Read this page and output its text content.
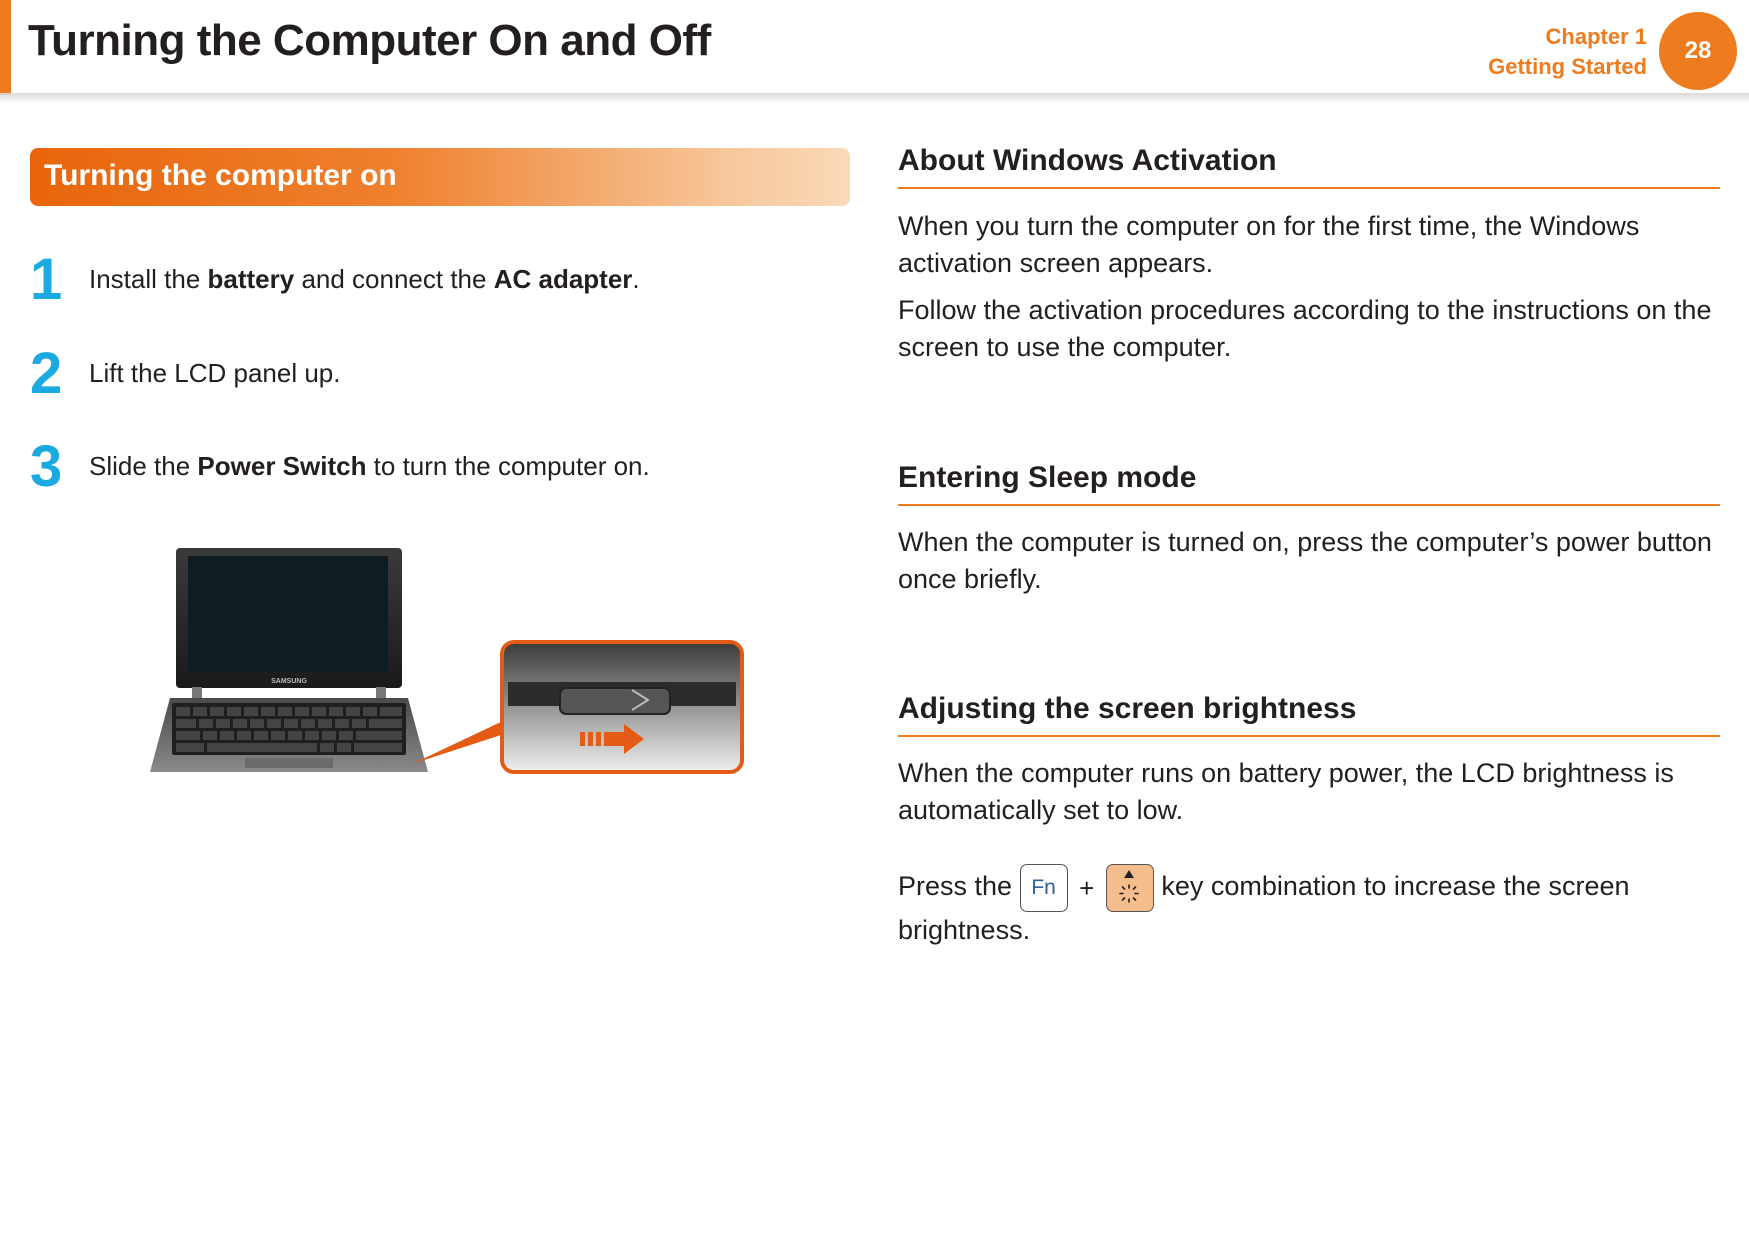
Turning the Computer On and Off	Chapter 1
Getting Started
28
Turning the computer on
1 Install the battery and connect the AC adapter.
2 Lift the LCD panel up.
3 Slide the Power Switch to turn the computer on.
SAMSUNG
About Windows Activation
When you turn the computer on for the first time, the Windows activation screen appears.
Follow the activation procedures according to the instructions on the screen to use the computer.
Entering Sleep mode
When the computer is turned on, press the computer’s power button once briefly.
Adjusting the screen brightness
When the computer runs on battery power, the LCD brightness is automatically set to low.
Press the Fn + key combination to increase the screen
brightness.
